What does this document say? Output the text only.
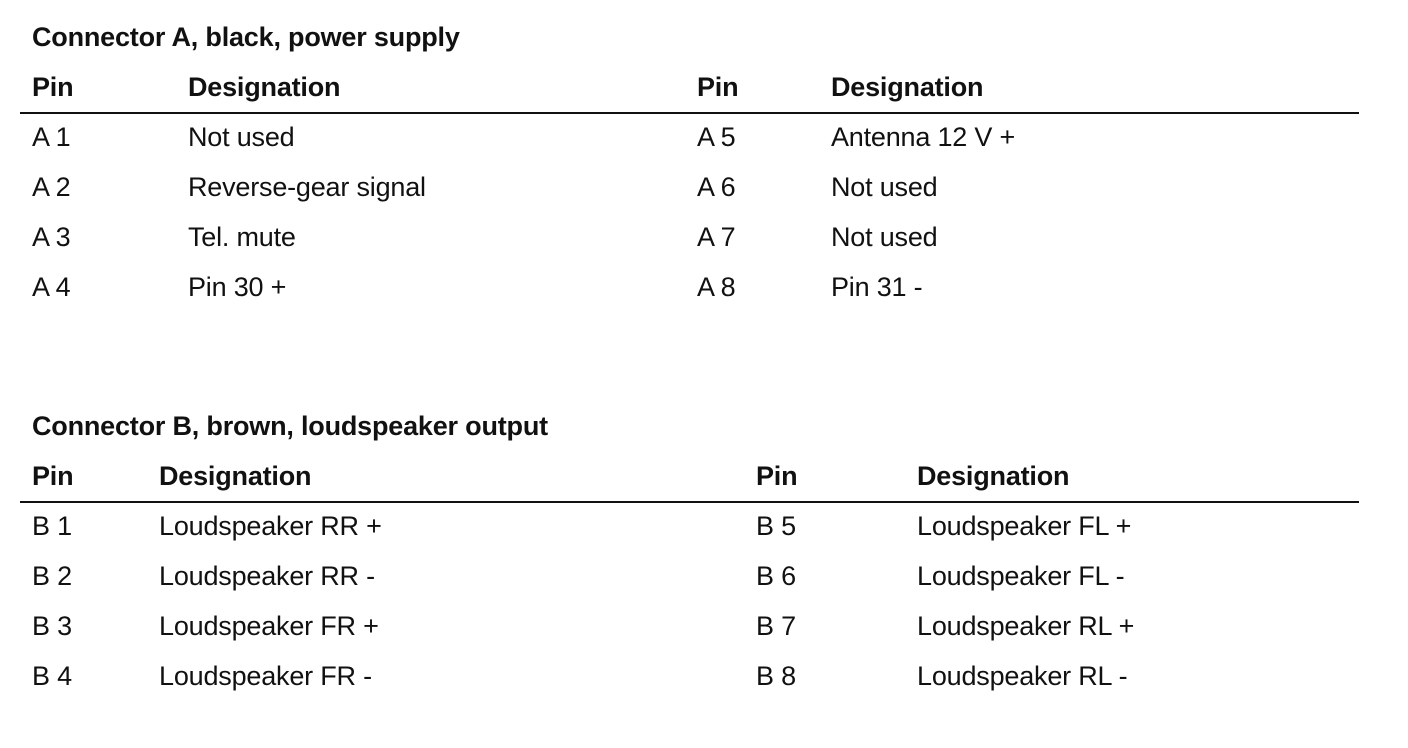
Connector A, black, power supply
Pin	Designation	Pin	Designation
A 1	Not used	A 5	Antenna 12 V +
A 2	Reverse-gear signal	A 6	Not used
A 3	Tel. mute	A 7	Not used
A 4	Pin 30 +	A 8	Pin 31 -
Connector B, brown, loudspeaker output
Pin	Designation	Pin	Designation
B 1	Loudspeaker RR +	B 5	Loudspeaker FL +
B 2	Loudspeaker RR -	B 6	Loudspeaker FL -
B 3	Loudspeaker FR +	B 7	Loudspeaker RL +
B 4	Loudspeaker FR -	B 8	Loudspeaker RL -
